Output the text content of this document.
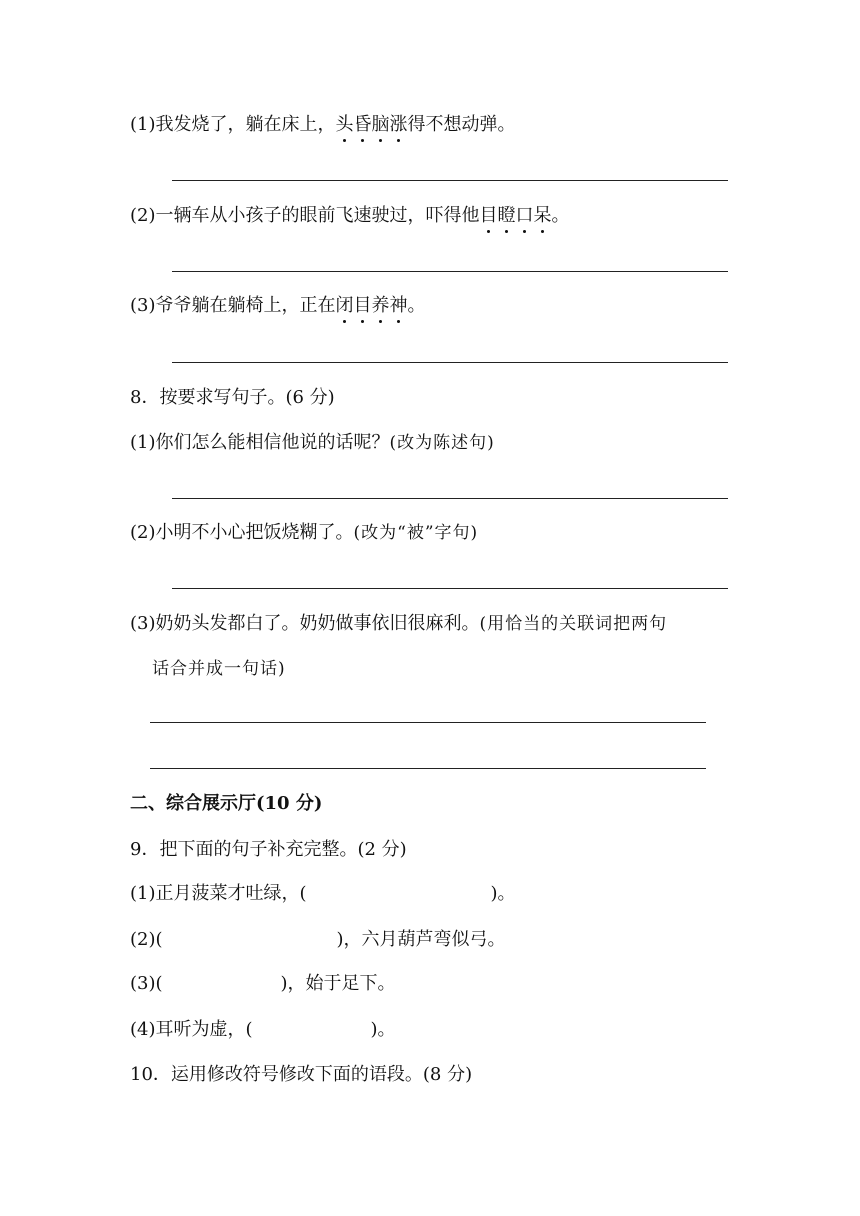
(1)我发烧了，躺在床上，头昏脑涨得不想动弹。
(2)一辆车从小孩子的眼前飞速驶过，吓得他目瞪口呆。
(3)爷爷躺在躺椅上，正在闭目养神。
8．按要求写句子。(6 分)
(1)你们怎么能相信他说的话呢？(改为陈述句)
(2)小明不小心把饭烧糊了。(改为“被”字句)
(3)奶奶头发都白了。奶奶做事依旧很麻利。(用恰当的关联词把两句
话合并成一句话)
二、综合展示厅(10 分)
9．把下面的句子补充完整。(2 分)
(1)正月菠菜才吐绿，(	)。
(2)(	)，六月葫芦弯似弓。
(3)(	)，始于足下。
(4)耳听为虚，(	)。
10．运用修改符号修改下面的语段。(8 分)
